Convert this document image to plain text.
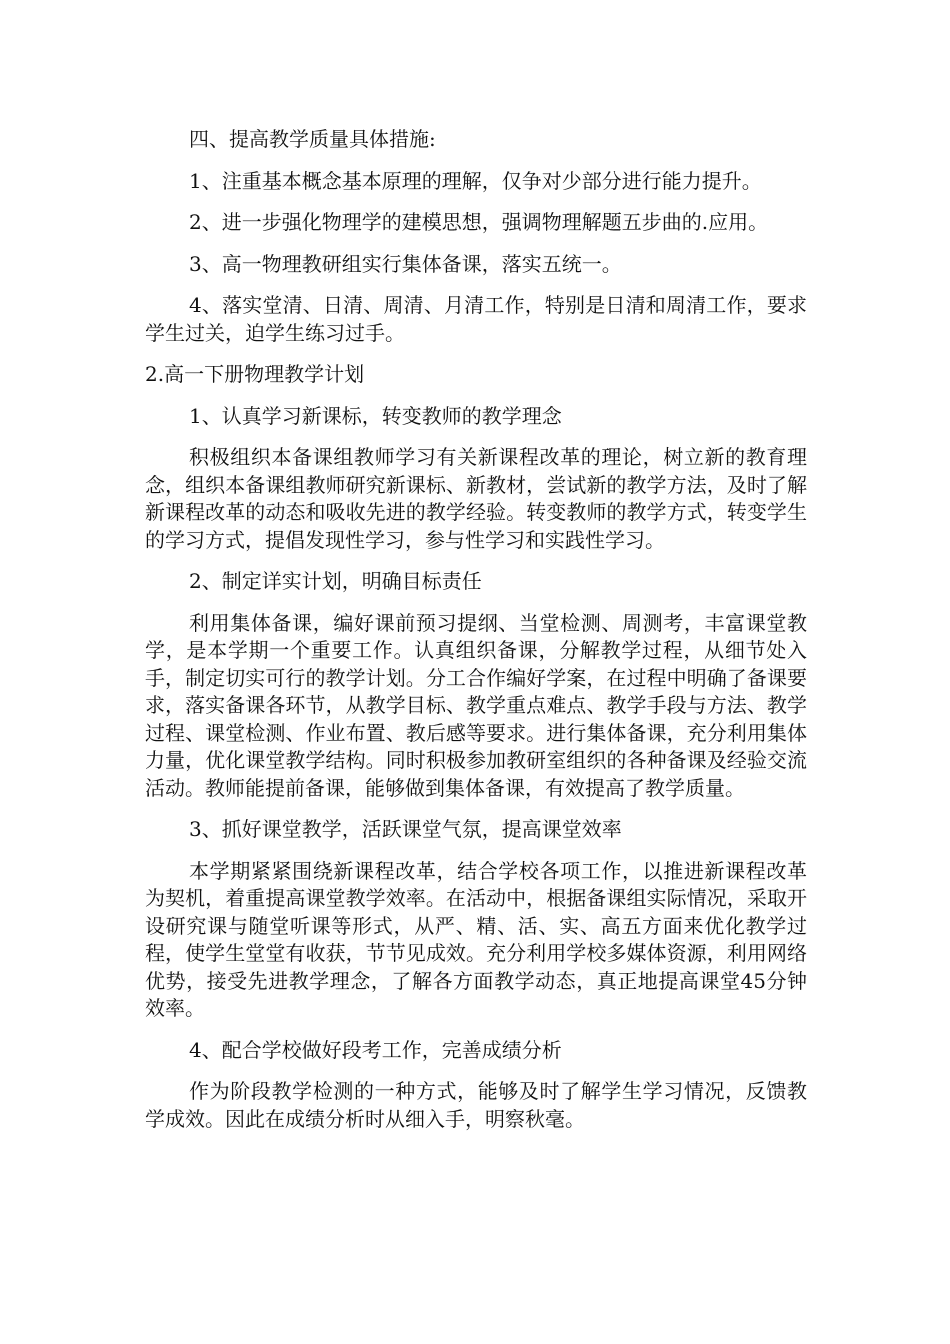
四、提高教学质量具体措施:

1、注重基本概念基本原理的理解，仅争对少部分进行能力提升。

2、进一步强化物理学的建模思想，强调物理解题五步曲的.应用。

3、高一物理教研组实行集体备课，落实五统一。

4、落实堂清、日清、周清、月清工作，特别是日清和周清工作，要求学生过关，迫学生练习过手。

2.高一下册物理教学计划

1、认真学习新课标，转变教师的教学理念

积极组织本备课组教师学习有关新课程改革的理论，树立新的教育理念，组织本备课组教师研究新课标、新教材，尝试新的教学方法，及时了解新课程改革的动态和吸收先进的教学经验。转变教师的教学方式，转变学生的学习方式，提倡发现性学习，参与性学习和实践性学习。

2、制定详实计划，明确目标责任

利用集体备课，编好课前预习提纲、当堂检测、周测考，丰富课堂教学，是本学期一个重要工作。认真组织备课，分解教学过程，从细节处入手，制定切实可行的教学计划。分工合作编好学案，在过程中明确了备课要求，落实备课各环节，从教学目标、教学重点难点、教学手段与方法、教学过程、课堂检测、作业布置、教后感等要求。进行集体备课，充分利用集体力量，优化课堂教学结构。同时积极参加教研室组织的各种备课及经验交流活动。教师能提前备课，能够做到集体备课，有效提高了教学质量。

3、抓好课堂教学，活跃课堂气氛，提高课堂效率

本学期紧紧围绕新课程改革，结合学校各项工作，以推进新课程改革为契机，着重提高课堂教学效率。在活动中，根据备课组实际情况，采取开设研究课与随堂听课等形式，从严、精、活、实、高五方面来优化教学过程，使学生堂堂有收获，节节见成效。充分利用学校多媒体资源，利用网络优势，接受先进教学理念，了解各方面教学动态，真正地提高课堂45分钟效率。

4、配合学校做好段考工作，完善成绩分析

作为阶段教学检测的一种方式，能够及时了解学生学习情况，反馈教学成效。因此在成绩分析时从细入手，明察秋毫。
